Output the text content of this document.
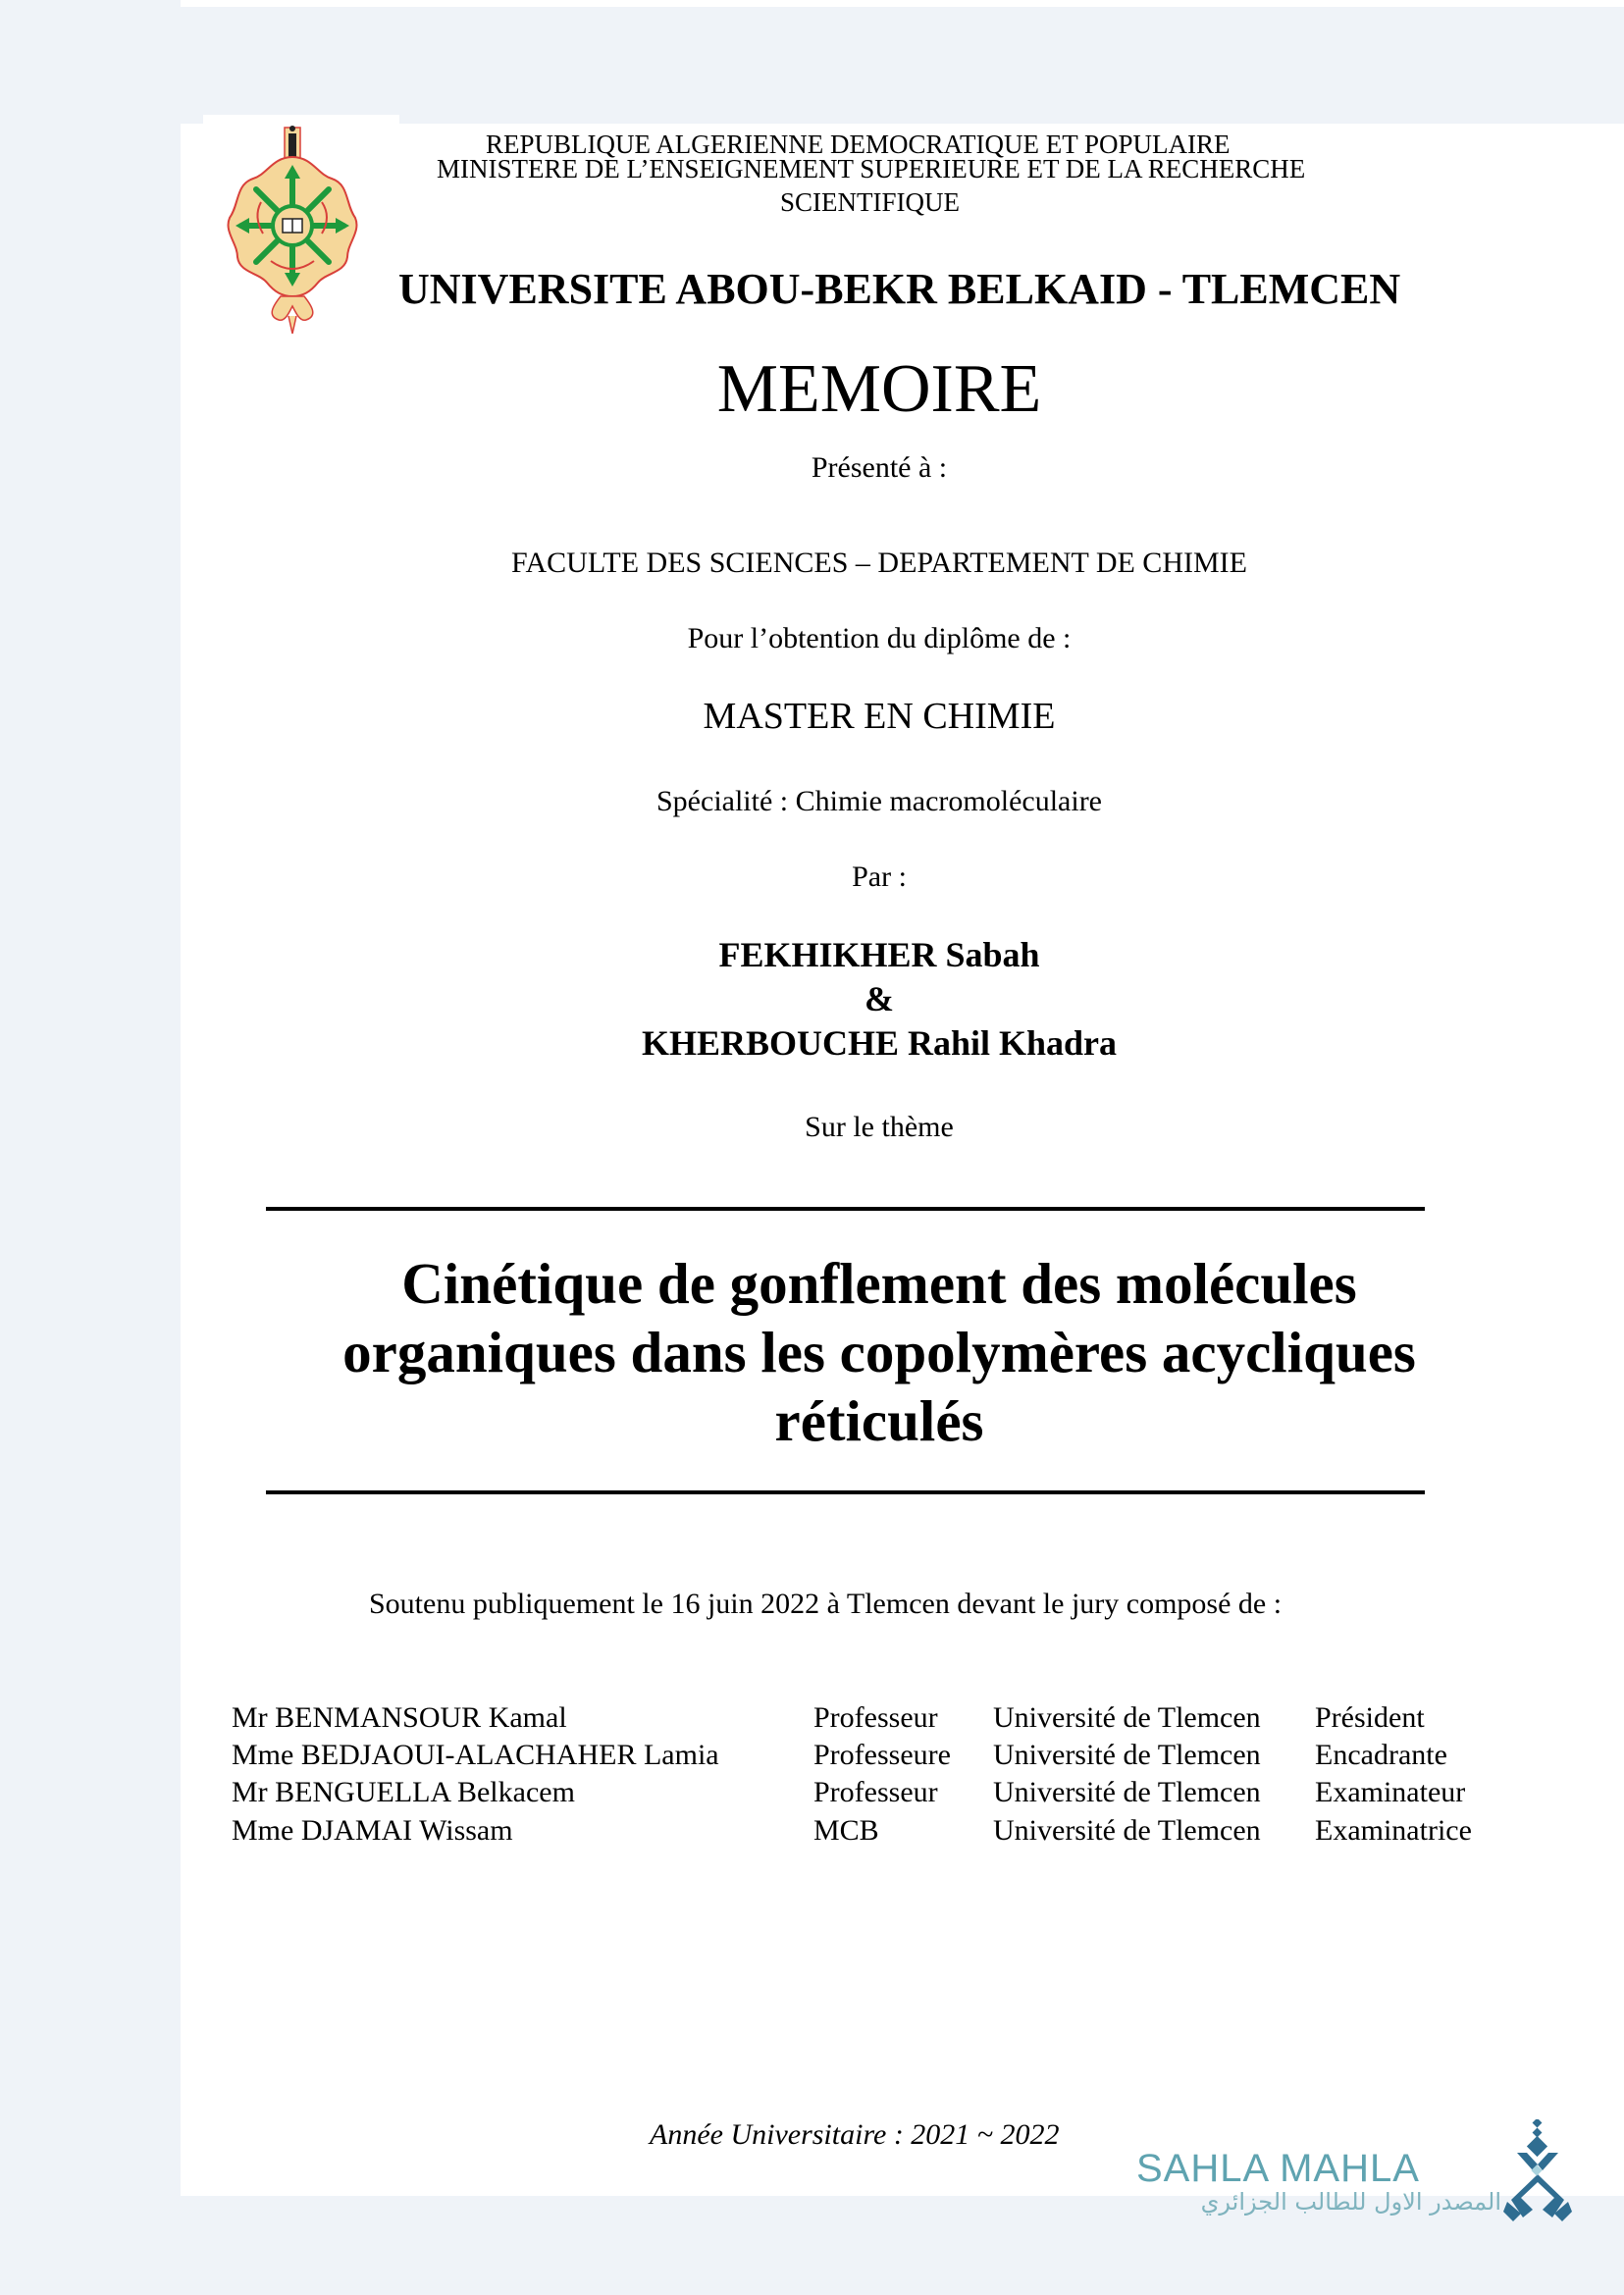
REPUBLIQUE ALGERIENNE DEMOCRATIQUE ET POPULAIRE
MINISTERE DE L’ENSEIGNEMENT SUPERIEURE ET DE LA RECHERCHE
SCIENTIFIQUE
UNIVERSITE ABOU-BEKR BELKAID - TLEMCEN
MEMOIRE
Présenté à :
FACULTE DES SCIENCES – DEPARTEMENT DE CHIMIE
Pour l’obtention du diplôme de :
MASTER EN CHIMIE
Spécialité : Chimie macromoléculaire
Par :
FEKHIKHER Sabah
&
KHERBOUCHE Rahil Khadra
Sur le thème
Cinétique de gonflement des molécules
organiques dans les copolymères acycliques
réticulés
Soutenu publiquement le 16 juin 2022 à Tlemcen devant le jury composé de :
Mr BENMANSOUR Kamal	Professeur Université de Tlemcen Président
Mme BEDJAOUI-ALACHAHER Lamia	Professeure Université de Tlemcen Encadrante
Mr BENGUELLA Belkacem	Professeur Université de Tlemcen Examinateur
Mme DJAMAI Wissam	MCB	Université de Tlemcen Examinatrice
Année Universitaire : 2021 ~ 2022
SAHLA MAHLA
المصدر الاول للطالب الجزائري
